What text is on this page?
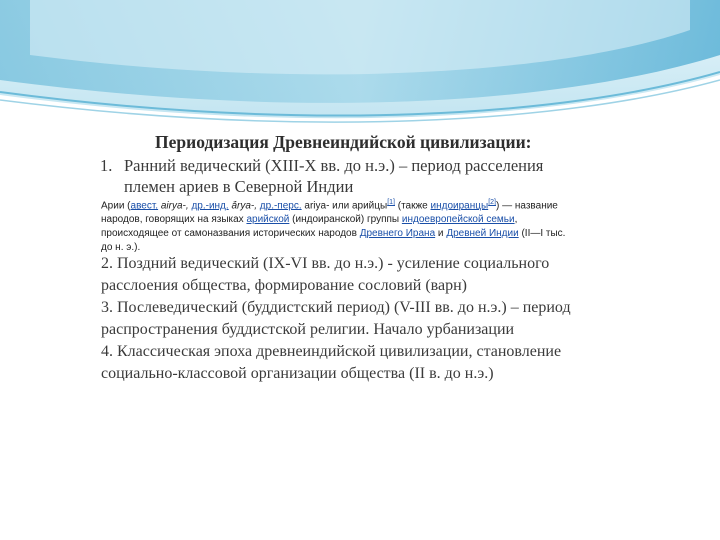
Периодизация Древнеиндийской цивилизации:
1. Ранний ведический (XIII-X вв. до н.э.) – период расселения
племен ариев в Северной Индии
Арии (авест. airya-, др.-инд. ā́rya-, др.-перс. ariya- или арийцы[1] (также индоиранцы[2]) — название
народов, говорящих на языках арийской (индоиранской) группы индоевропейской семьи,
происходящее от самоназвания исторических народов Древнего Ирана и Древней Индии (II—I тыс.
до н. э.).
2. Поздний ведический (IX-VI вв. до н.э.) - усиление социального
расслоения общества, формирование сословий (варн)
3. Послеведический (буддистский период) (V-III вв. до н.э.) – период
распространения буддистской религии. Начало урбанизации
4. Классическая эпоха древнеиндийской цивилизации, становление
социально-классовой организации общества (II в. до н.э.)
